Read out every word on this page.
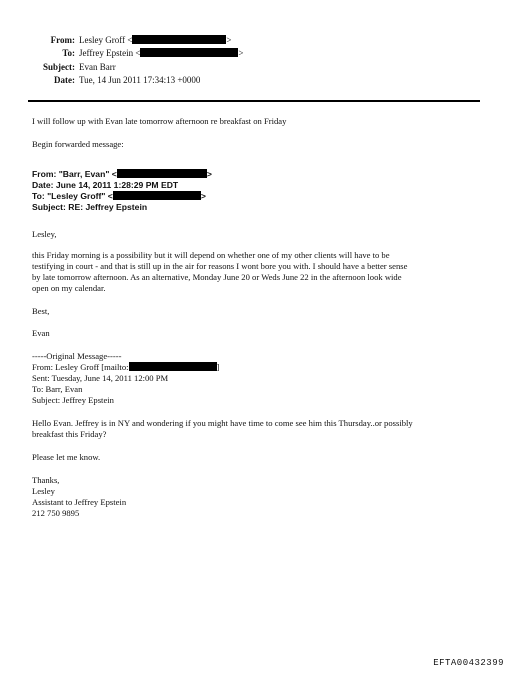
From: Lesley Groff <	>
To: Jeffrey Epstein <	>
Subject: Evan Barr
Date: Tue, 14 Jun 2011 17:34:13 +0000
I will follow up with Evan late tomorrow afternoon re breakfast on Friday
Begin forwarded message:
From: "Barr, Evan" <	>
Date: June 14, 2011 1:28:29 PM EDT
To: "Lesley Groff" <	>
Subject: RE: Jeffrey Epstein
Lesley,
this Friday morning is a possibility but it will depend on whether one of my other clients will have to be
testifying in court - and that is still up in the air for reasons I wont bore you with. I should have a better sense
by late tomorrow afternoon. As an alternative, Monday June 20 or Weds June 22 in the afternoon look wide
open on my calendar.
Best,
Evan
-----Original Message-----
From: Lesley Groff [mailto:	]
Sent: Tuesday, June 14, 2011 12:00 PM
To: Barr, Evan
Subject: Jeffrey Epstein
Hello Evan. Jeffrey is in NY and wondering if you might have time to come see him this Thursday..or possibly
breakfast this Friday?
Please let me know.
Thanks,
Lesley
Assistant to Jeffrey Epstein
212 750 9895
EFTA00432399
